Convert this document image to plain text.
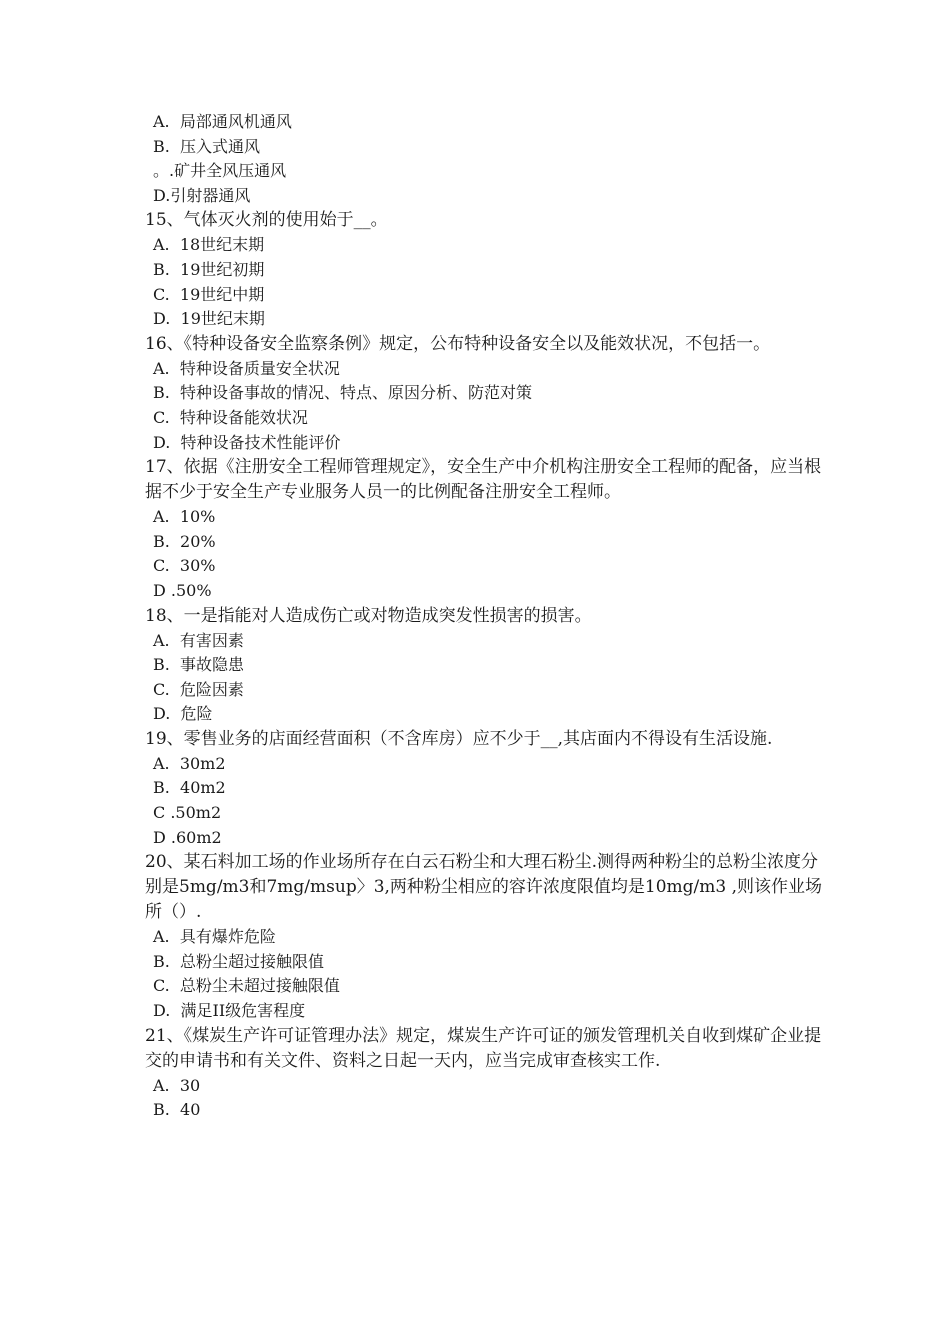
A.  局部通风机通风

B.  压入式通风

。.矿井全风压通风

D.引射器通风

15、气体灭火剂的使用始于__。

A.  18世纪末期

B.  19世纪初期

C.  19世纪中期

D.  19世纪末期

16、《特种设备安全监察条例》规定，公布特种设备安全以及能效状况，不包括一。

A.  特种设备质量安全状况

B.  特种设备事故的情况、特点、原因分析、防范对策

C.  特种设备能效状况

D.  特种设备技术性能评价

17、依据《注册安全工程师管理规定》，安全生产中介机构注册安全工程师的配备，应当根据不少于安全生产专业服务人员一的比例配备注册安全工程师。

A.  10%

B.  20%

C.  30%

D .50%

18、一是指能对人造成伤亡或对物造成突发性损害的损害。

A.  有害因素

B.  事故隐患

C.  危险因素

D.  危险

19、零售业务的店面经营面积（不含库房）应不少于__,其店面内不得设有生活设施.

A.  30m2

B.  40m2

C .50m2

D .60m2

20、某石料加工场的作业场所存在白云石粉尘和大理石粉尘.测得两种粉尘的总粉尘浓度分别是5mg/m3和7mg/msup〉3,两种粉尘相应的容许浓度限值均是10mg/m3 ,则该作业场所（）.

A.  具有爆炸危险

B.  总粉尘超过接触限值

C.  总粉尘未超过接触限值

D.  满足II级危害程度

21、《煤炭生产许可证管理办法》规定，煤炭生产许可证的颁发管理机关自收到煤矿企业提交的申请书和有关文件、资料之日起一天内，应当完成审查核实工作.

A.  30

B.  40
